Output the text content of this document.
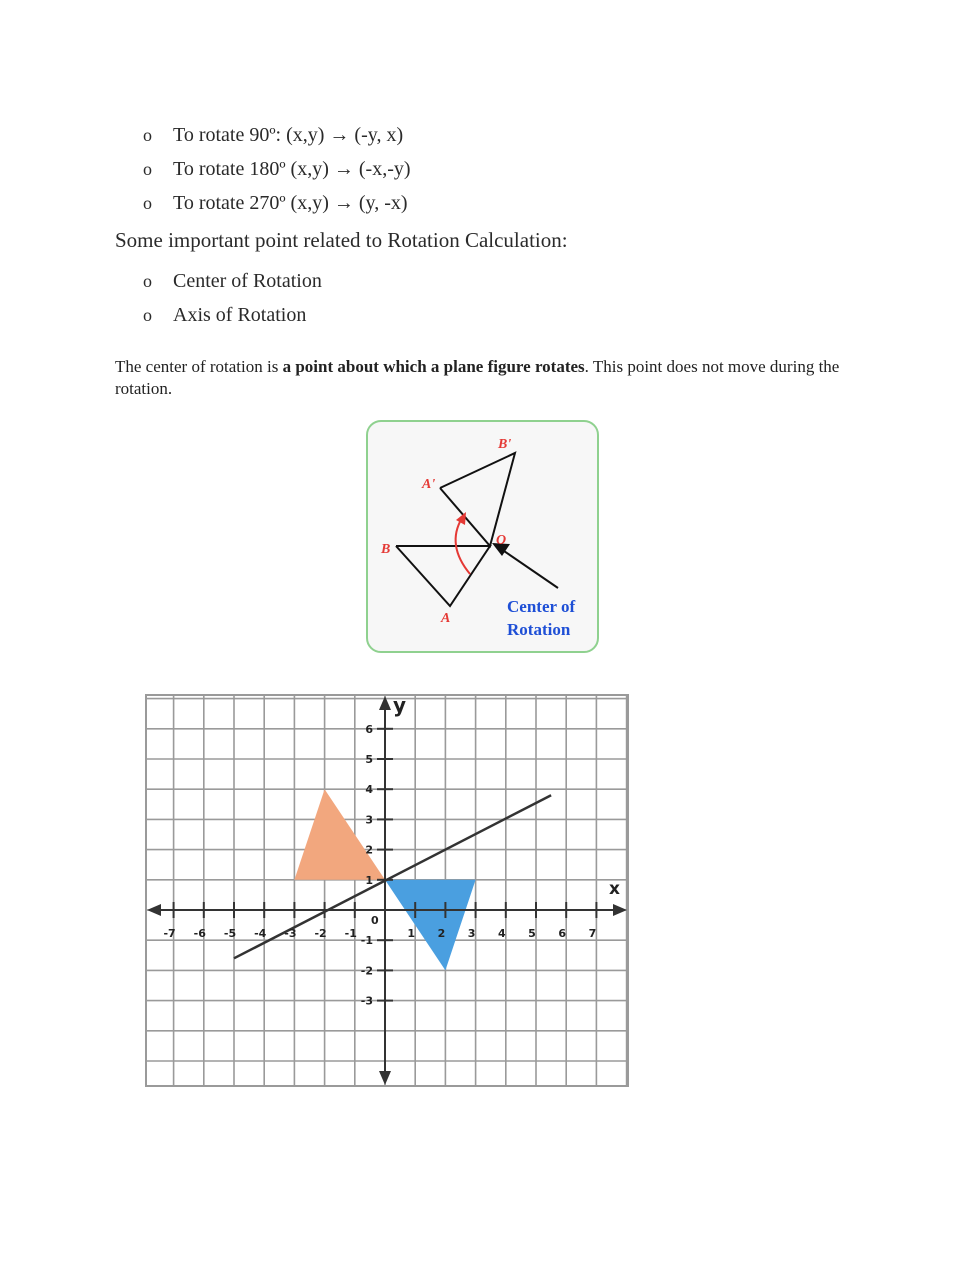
o To rotate 90º: (x,y) → (-y, x)
o To rotate 180º (x,y) → (-x,-y)
o To rotate 270º (x,y) → (y, -x)
Some important point related to Rotation Calculation:
o Center of Rotation
o Axis of Rotation

The center of rotation is a point about which a plane figure rotates. This point does not move during the rotation.

B'
A'
B
O
A
Center of
Rotation
-7 -6 -5 -4 -3 -2 -1	1 2 3 4 5 6 7
6
5
4
3
2
1
-1
-2
-3
x
y
0
